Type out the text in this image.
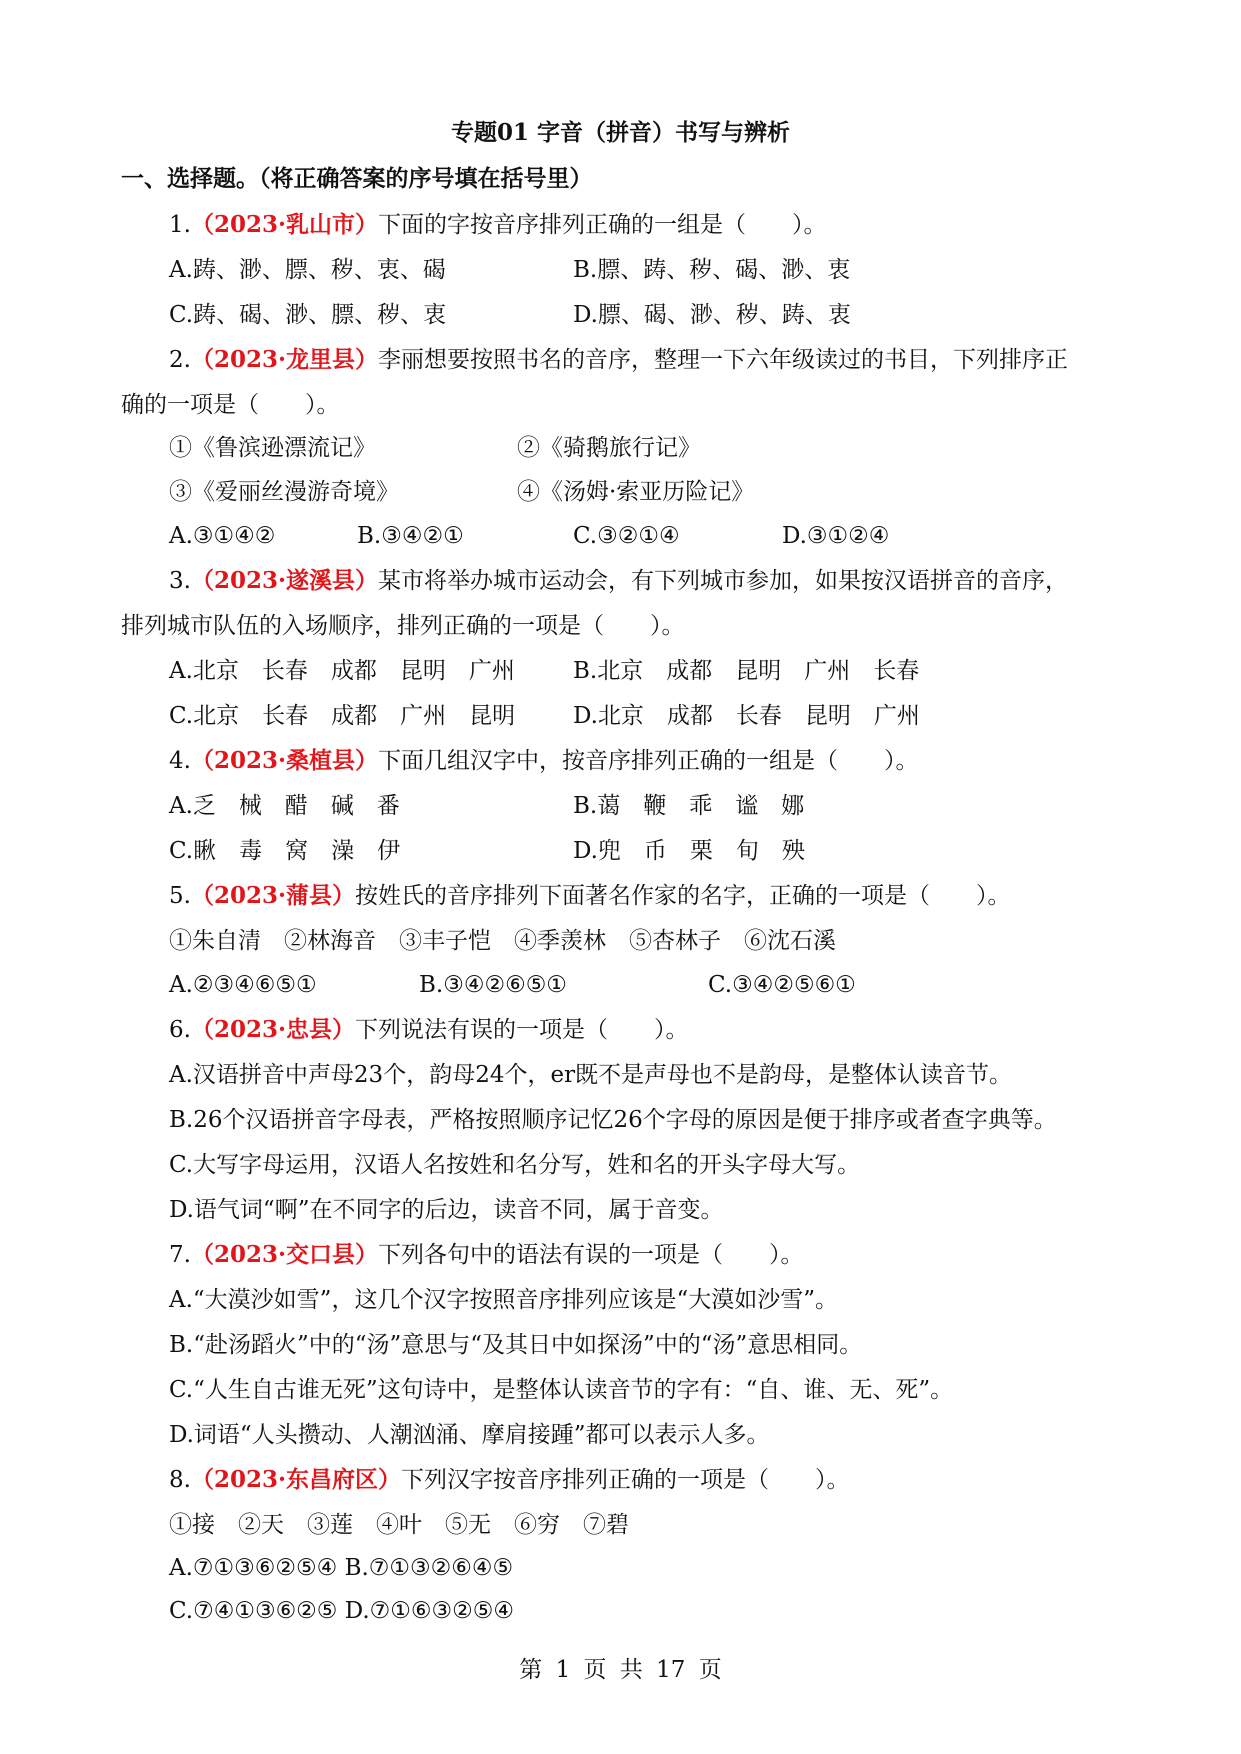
专题01 字音（拼音）书写与辨析
一、选择题。（将正确答案的序号填在括号里）
1.（2023·乳山市）下面的字按音序排列正确的一组是（　　）。
A.踌、渺、膘、秽、衷、碣	B.膘、踌、秽、碣、渺、衷
C.踌、碣、渺、膘、秽、衷	D.膘、碣、渺、秽、踌、衷
2.（2023·龙里县）李丽想要按照书名的音序，整理一下六年级读过的书目，下列排序正
确的一项是（　　）。
①《鲁滨逊漂流记》	②《骑鹅旅行记》
③《爱丽丝漫游奇境》	④《汤姆·索亚历险记》
A.③①④②	B.③④②①	C.③②①④	D.③①②④
3.（2023·遂溪县）某市将举办城市运动会，有下列城市参加，如果按汉语拼音的音序，
排列城市队伍的入场顺序，排列正确的一项是（　　）。
A.北京　长春　成都　昆明　广州	B.北京　成都　昆明　广州　长春
C.北京　长春　成都　广州　昆明	D.北京　成都　长春　昆明　广州
4.（2023·桑植县）下面几组汉字中，按音序排列正确的一组是（　　）。
A.乏　械　醋　碱　番	B.蔼　鞭　乖　谧　娜
C.瞅　毒　窝　澡　伊	D.兜　币　栗　旬　殃
5.（2023·蒲县）按姓氏的音序排列下面著名作家的名字，正确的一项是（　　）。
①朱自清　②林海音　③丰子恺　④季羡林　⑤杏林子　⑥沈石溪
A.②③④⑥⑤①	B.③④②⑥⑤①	C.③④②⑤⑥①
6.（2023·忠县）下列说法有误的一项是（　　）。
A.汉语拼音中声母23个，韵母24个，er既不是声母也不是韵母，是整体认读音节。
B.26个汉语拼音字母表，严格按照顺序记忆26个字母的原因是便于排序或者查字典等。
C.大写字母运用，汉语人名按姓和名分写，姓和名的开头字母大写。
D.语气词“啊”在不同字的后边，读音不同，属于音变。
7.（2023·交口县）下列各句中的语法有误的一项是（　　）。
A.“大漠沙如雪”，这几个汉字按照音序排列应该是“大漠如沙雪”。
B.“赴汤蹈火”中的“汤”意思与“及其日中如探汤”中的“汤”意思相同。
C.“人生自古谁无死”这句诗中，是整体认读音节的字有：“自、谁、无、死”。
D.词语“人头攒动、人潮汹涌、摩肩接踵”都可以表示人多。
8.（2023·东昌府区）下列汉字按音序排列正确的一项是（　　）。
①接　②天　③莲　④叶　⑤无　⑥穷　⑦碧
A.⑦①③⑥②⑤④ B.⑦①③②⑥④⑤
C.⑦④①③⑥②⑤ D.⑦①⑥③②⑤④
第 1 页 共 17 页
